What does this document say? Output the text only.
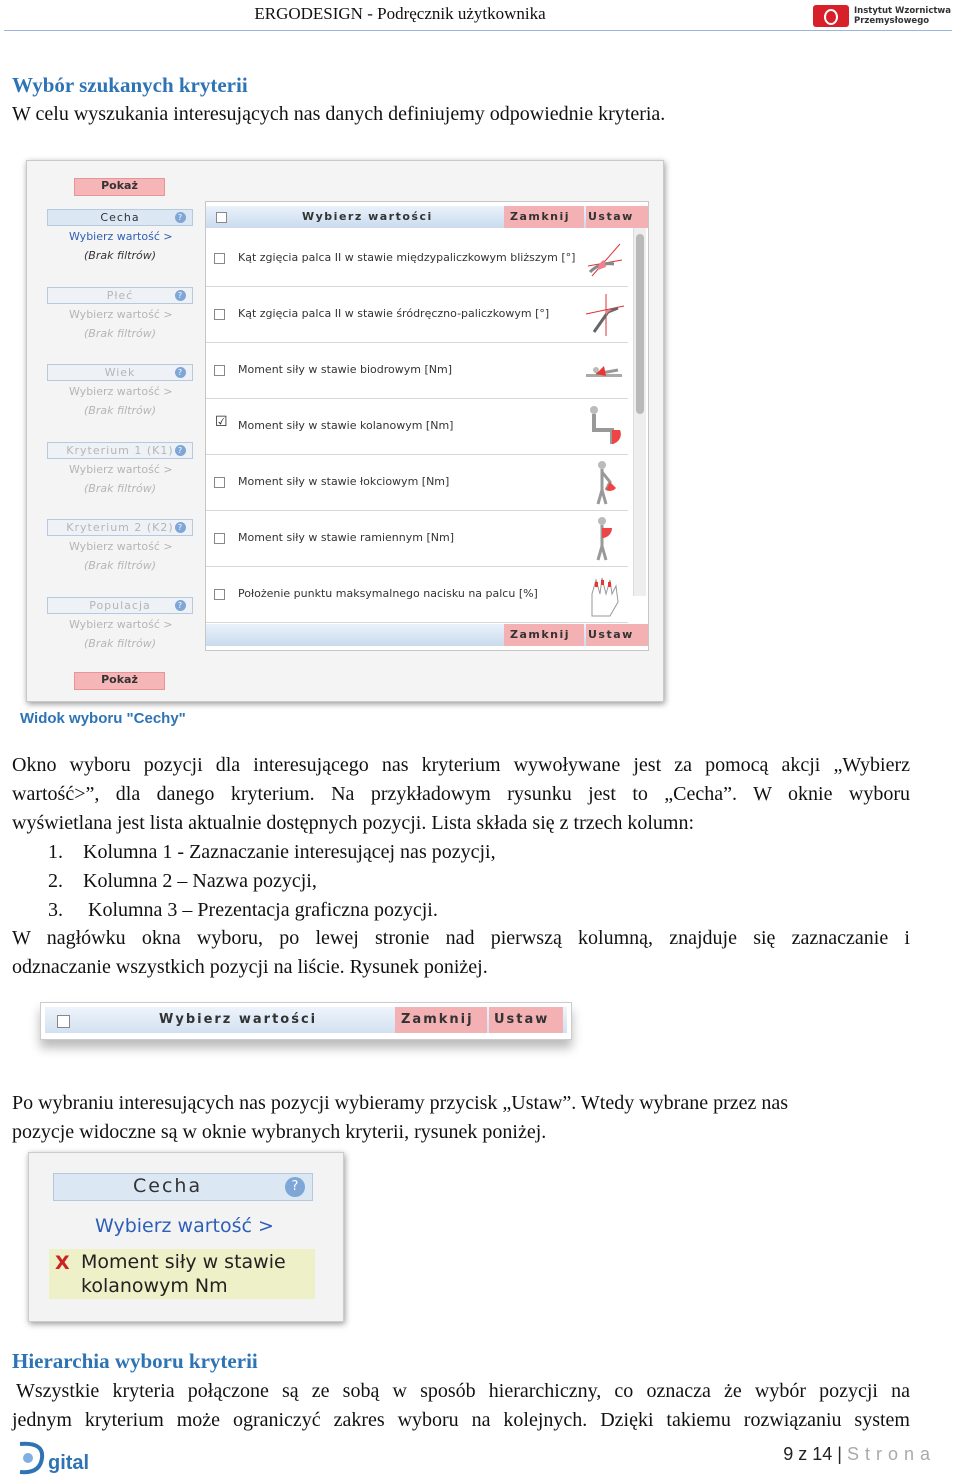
ERGODESIGN - Podręcznik użytkownika	Instytut Wzornictwa Przemysłowego
Wybór szukanych kryterii
W celu wyszukania interesujących nas danych definiujemy odpowiednie kryteria.
Pokaż
Cecha	?
Wybierz wartość >
(Brak filtrów)
Płeć	?
Wybierz wartość >
(Brak filtrów)
Wiek	?
Wybierz wartość >
(Brak filtrów)
Kryterium 1 (K1) ?
Wybierz wartość >
(Brak filtrów)
Kryterium 2 (K2) ?
Wybierz wartość >
(Brak filtrów)
Populacja	?
Wybierz wartość >
(Brak filtrów)
Pokaż
Wybierz wartości	Zamknij Ustaw
Kąt zgięcia palca II w stawie międzypaliczkowym bliższym [°]
Kąt zgięcia palca II w stawie śródręczno-paliczkowym [°]
Moment siły w stawie biodrowym [Nm]
☑ Moment siły w stawie kolanowym [Nm]
Moment siły w stawie łokciowym [Nm]
Moment siły w stawie ramiennym [Nm]
Położenie punktu maksymalnego nacisku na palcu [%]
Zamknij Ustaw
Widok wyboru "Cechy"
Okno wyboru pozycji dla interesującego nas kryterium wywoływane jest za pomocą akcji „Wybierz
wartość>”, dla danego kryterium. Na przykładowym rysunku jest to „Cecha”. W oknie wyboru
wyświetlana jest lista aktualnie dostępnych pozycji. Lista składa się z trzech kolumn:
1. Kolumna 1 - Zaznaczanie interesującej nas pozycji,
2. Kolumna 2 – Nazwa pozycji,
3. Kolumna 3 – Prezentacja graficzna pozycji.
W nagłówku okna wyboru, po lewej stronie nad pierwszą kolumną, znajduje się zaznaczanie i
odznaczanie wszystkich pozycji na liście. Rysunek poniżej.
Wybierz wartości	Zamknij Ustaw
Po wybraniu interesujących nas pozycji wybieramy przycisk „Ustaw”. Wtedy wybrane przez nas
pozycje widoczne są w oknie wybranych kryterii, rysunek poniżej.
Cecha	?
Wybierz wartość >
X Moment siły w stawie
kolanowym Nm
Hierarchia wyboru kryterii
Wszystkie kryteria połączone są ze sobą w sposób hierarchiczny, co oznacza że wybór pozycji na
jednym kryterium może ograniczyć zakres wyboru na kolejnych. Dzięki takiemu rozwiązaniu system
gital	9 z 14 | Strona
